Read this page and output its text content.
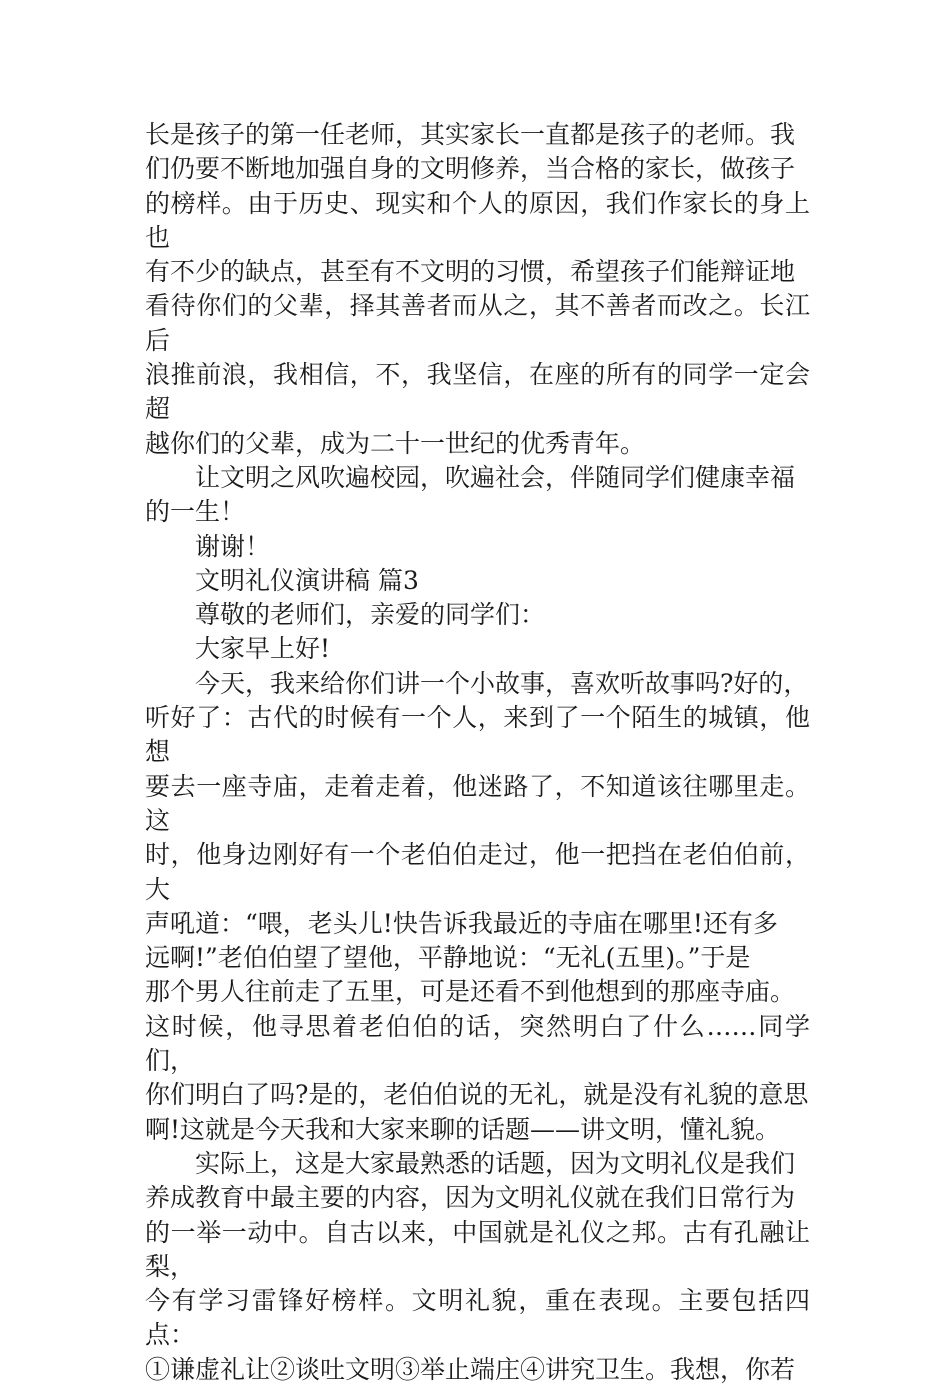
长是孩子的第一任老师，其实家长一直都是孩子的老师。我
们仍要不断地加强自身的文明修养，当合格的家长，做孩子
的榜样。由于历史、现实和个人的原因，我们作家长的身上也
有不少的缺点，甚至有不文明的习惯，希望孩子们能辩证地
看待你们的父辈，择其善者而从之，其不善者而改之。长江后
浪推前浪，我相信，不，我坚信，在座的所有的同学一定会超
越你们的父辈，成为二十一世纪的优秀青年。

让文明之风吹遍校园，吹遍社会，伴随同学们健康幸福
的一生！

谢谢！

文明礼仪演讲稿 篇3

尊敬的老师们，亲爱的同学们：

大家早上好!

今天，我来给你们讲一个小故事，喜欢听故事吗?好的，
听好了：古代的时候有一个人，来到了一个陌生的城镇，他想
要去一座寺庙，走着走着，他迷路了，不知道该往哪里走。这
时，他身边刚好有一个老伯伯走过，他一把挡在老伯伯前，大
声吼道：“喂，老头儿!快告诉我最近的寺庙在哪里!还有多
远啊!”老伯伯望了望他，平静地说：“无礼(五里)。”于是
那个男人往前走了五里，可是还看不到他想到的那座寺庙。
这时候，他寻思着老伯伯的话，突然明白了什么……同学们，
你们明白了吗?是的，老伯伯说的无礼，就是没有礼貌的意思
啊!这就是今天我和大家来聊的话题——讲文明，懂礼貌。

实际上，这是大家最熟悉的话题，因为文明礼仪是我们
养成教育中最主要的内容，因为文明礼仪就在我们日常行为
的一举一动中。自古以来，中国就是礼仪之邦。古有孔融让梨，
今有学习雷锋好榜样。文明礼貌，重在表现。主要包括四点：
①谦虚礼让②谈吐文明③举止端庄④讲究卫生。我想，你若
